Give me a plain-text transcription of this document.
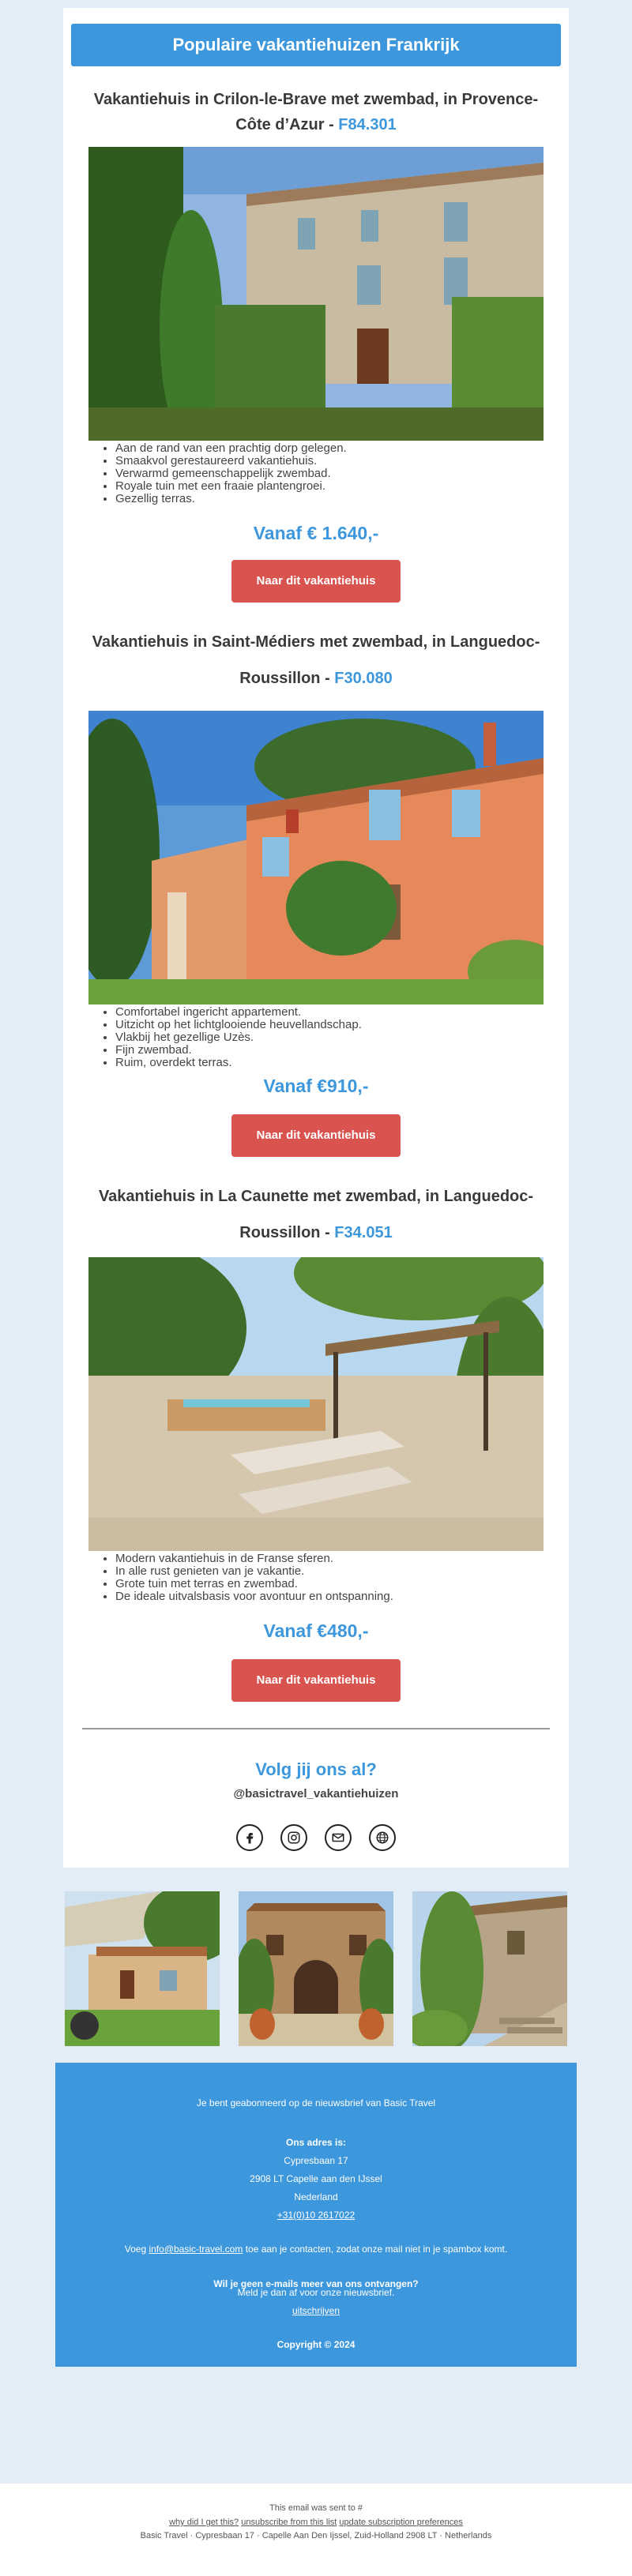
Populaire vakantiehuizen Frankrijk
Vakantiehuis in Crilon-le-Brave met zwembad, in Provence-Côte d’Azur - F84.301
• Aan de rand van een prachtig dorp gelegen.
• Smaakvol gerestaureerd vakantiehuis.
• Verwarmd gemeenschappelijk zwembad.
• Royale tuin met een fraaie plantengroei.
• Gezellig terras.
Vanaf € 1.640,-
Naar dit vakantiehuis
Vakantiehuis in Saint-Médiers met zwembad, in Languedoc-Roussillon - F30.080
• Comfortabel ingericht appartement.
• Uitzicht op het lichtglooiende heuvellandschap.
• Vlakbij het gezellige Uzès.
• Fijn zwembad.
• Ruim, overdekt terras.
Vanaf €910,-
Naar dit vakantiehuis
Vakantiehuis in La Caunette met zwembad, in Languedoc-Roussillon - F34.051
• Modern vakantiehuis in de Franse sferen.
• In alle rust genieten van je vakantie.
• Grote tuin met terras en zwembad.
• De ideale uitvalsbasis voor avontuur en ontspanning.
Vanaf €480,-
Naar dit vakantiehuis
Volg jij ons al?
@basictravel_vakantiehuizen
Je bent geabonneerd op de nieuwsbrief van Basic Travel
Ons adres is:
Cypresbaan 17
2908 LT Capelle aan den IJssel
Nederland
+31(0)10 2617022
Voeg info@basic-travel.com toe aan je contacten, zodat onze mail niet in je spambox komt.
Wil je geen e-mails meer van ons ontvangen?
Meld je dan af voor onze nieuwsbrief.
uitschrijven
Copyright © 2024
This email was sent to #
why did I get this? unsubscribe from this list update subscription preferences
Basic Travel · Cypresbaan 17 · Capelle Aan Den Ijssel, Zuid-Holland 2908 LT · Netherlands
